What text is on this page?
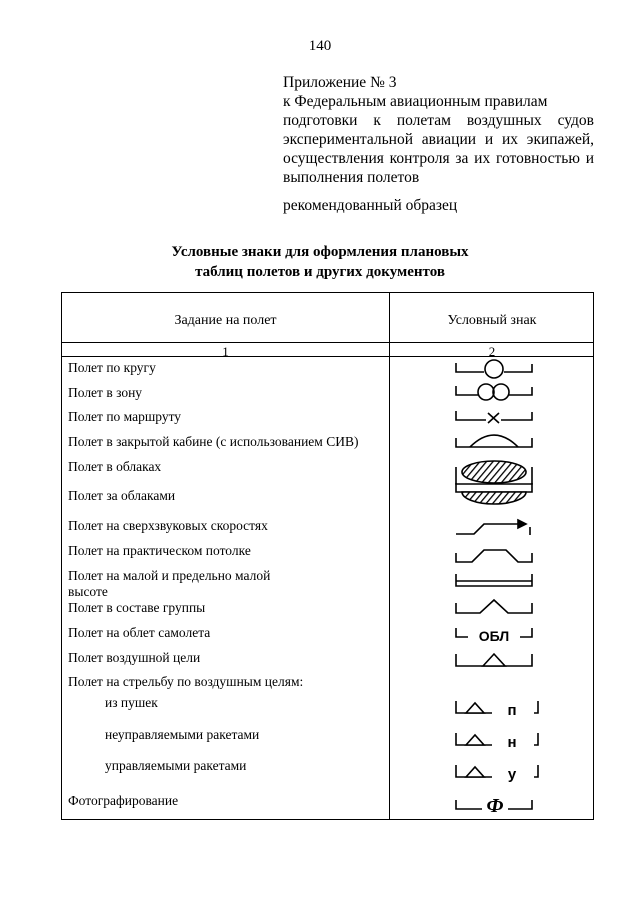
140
Приложение № 3
к Федеральным авиационным правилам
подготовки к полетам воздушных судов
экспериментальной авиации и их экипажей,
осуществления контроля за их готовностью и
выполнения полетов
рекомендованный образец
Условные знаки для оформления плановых
таблиц полетов и других документов
Задание на полет	Условный знак
1	2
Полет по кругу
Полет в зону
Полет по маршруту
Полет в закрытой кабине (с использованием СИВ)
Полет в облаках
Полет за облаками
Полет на сверхзвуковых скоростях
Полет на практическом потолке
Полет на малой и предельно малой высоте
Полет в составе группы
Полет на облет самолета
Полет воздушной цели
Полет на стрельбу по воздушным целям:
из пушек
неуправляемыми ракетами
управляемыми ракетами
Фотографирование
ОБЛ
п
н
у
Ф
